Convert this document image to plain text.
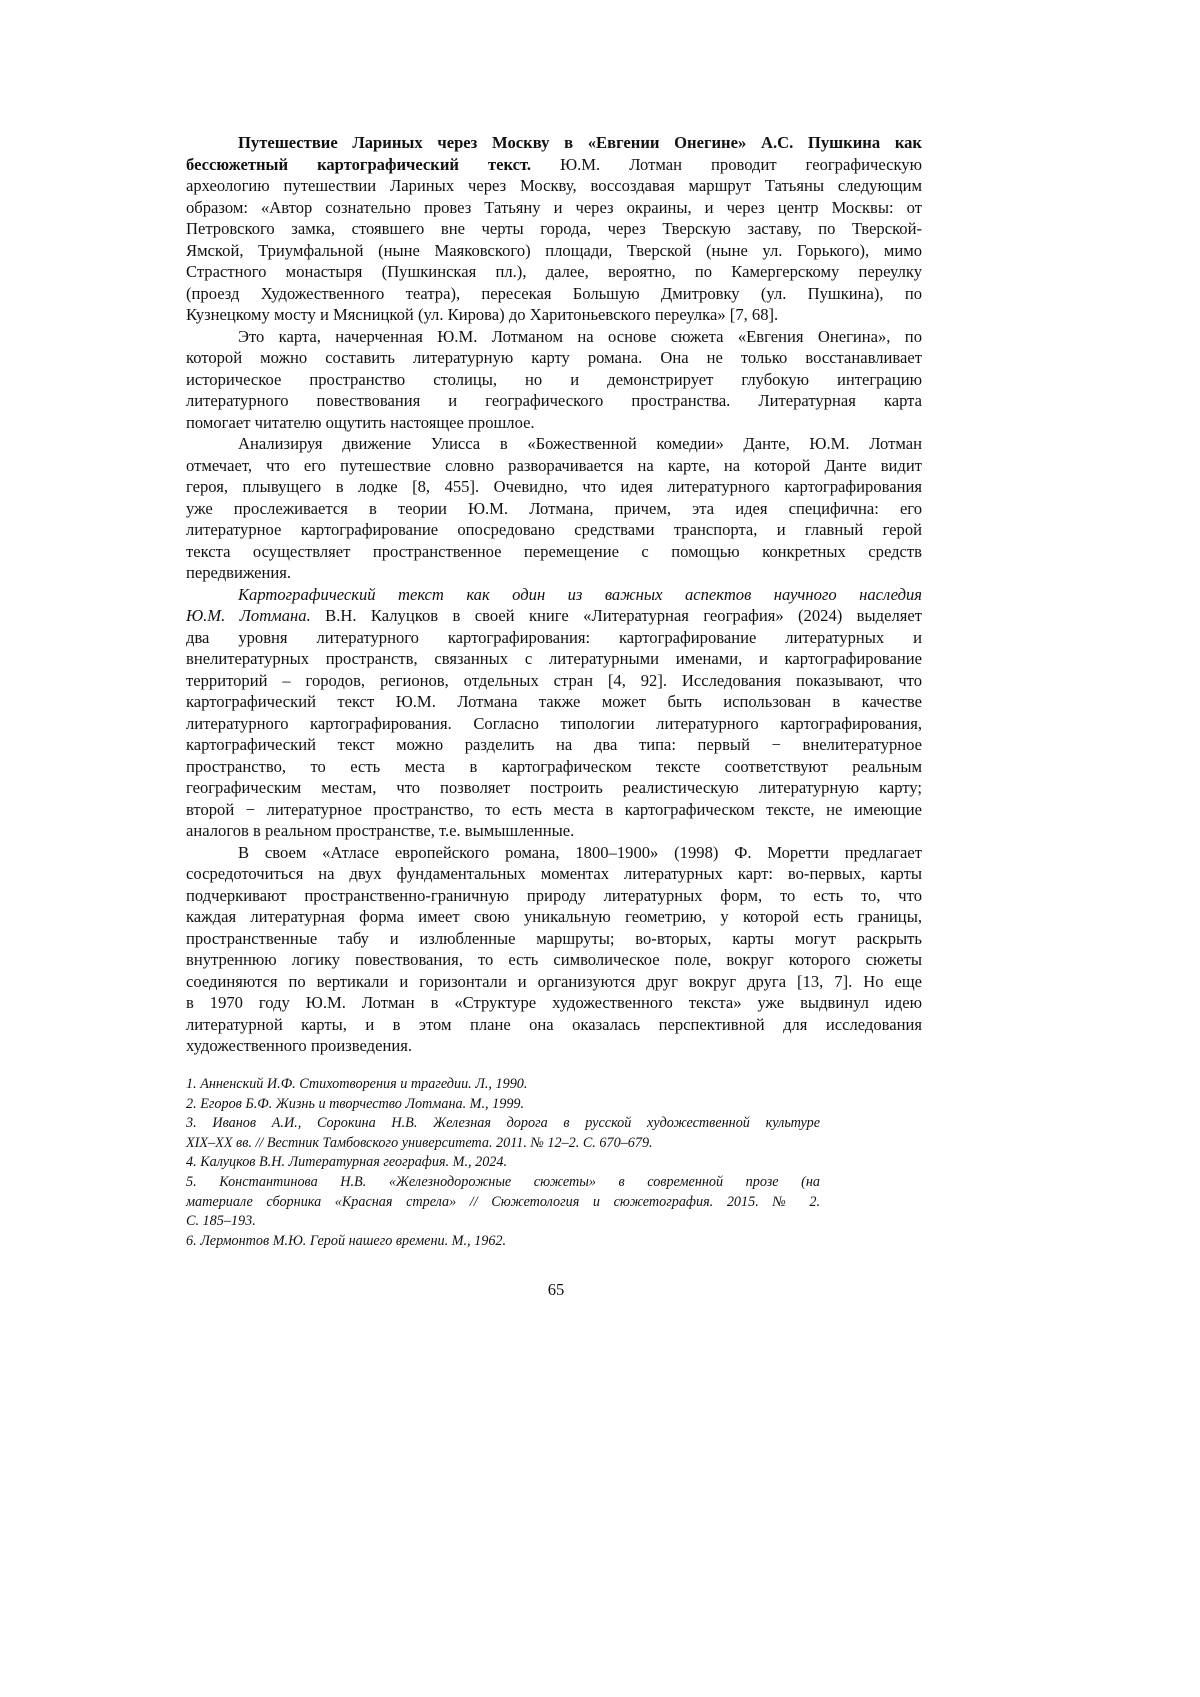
Путешествие Лариных через Москву в «Евгении Онегине» А.С. Пушкина как
бессюжетный картографический текст. Ю.М. Лотман проводит географическую
археологию путешествии Лариных через Москву, воссоздавая маршрут Татьяны следующим
образом: «Автор сознательно провез Татьяну и через окраины, и через центр Москвы: от
Петровского замка, стоявшего вне черты города, через Тверскую заставу, по Тверской-
Ямской, Триумфальной (ныне Маяковского) площади, Тверской (ныне ул. Горького), мимо
Страстного монастыря (Пушкинская пл.), далее, вероятно, по Камергерскому переулку
(проезд Художественного театра), пересекая Большую Дмитровку (ул. Пушкина), по
Кузнецкому мосту и Мясницкой (ул. Кирова) до Харитоньевского переулка» [7, 68].
Это карта, начерченная Ю.М. Лотманом на основе сюжета «Евгения Онегина», по
которой можно составить литературную карту романа. Она не только восстанавливает
историческое пространство столицы, но и демонстрирует глубокую интеграцию
литературного повествования и географического пространства. Литературная карта
помогает читателю ощутить настоящее прошлое.
Анализируя движение Улисса в «Божественной комедии» Данте, Ю.М. Лотман
отмечает, что его путешествие словно разворачивается на карте, на которой Данте видит
героя, плывущего в лодке [8, 455]. Очевидно, что идея литературного картографирования
уже прослеживается в теории Ю.М. Лотмана, причем, эта идея специфична: его
литературное картографирование опосредовано средствами транспорта, и главный герой
текста осуществляет пространственное перемещение с помощью конкретных средств
передвижения.
Картографический текст как один из важных аспектов научного наследия
Ю.М. Лотмана. В.Н. Калуцков в своей книге «Литературная география» (2024) выделяет
два уровня литературного картографирования: картографирование литературных и
внелитературных пространств, связанных с литературными именами, и картографирование
территорий – городов, регионов, отдельных стран [4, 92]. Исследования показывают, что
картографический текст Ю.М. Лотмана также может быть использован в качестве
литературного картографирования. Согласно типологии литературного картографирования,
картографический текст можно разделить на два типа: первый − внелитературное
пространство, то есть места в картографическом тексте соответствуют реальным
географическим местам, что позволяет построить реалистическую литературную карту;
второй − литературное пространство, то есть места в картографическом тексте, не имеющие
аналогов в реальном пространстве, т.е. вымышленные.
В своем «Атласе европейского романа, 1800–1900» (1998) Ф. Моретти предлагает
сосредоточиться на двух фундаментальных моментах литературных карт: во-первых, карты
подчеркивают пространственно-граничную природу литературных форм, то есть то, что
каждая литературная форма имеет свою уникальную геометрию, у которой есть границы,
пространственные табу и излюбленные маршруты; во-вторых, карты могут раскрыть
внутреннюю логику повествования, то есть символическое поле, вокруг которого сюжеты
соединяются по вертикали и горизонтали и организуются друг вокруг друга [13, 7]. Но еще
в 1970 году Ю.М. Лотман в «Структуре художественного текста» уже выдвинул идею
литературной карты, и в этом плане она оказалась перспективной для исследования
художественного произведения.
1. Анненский И.Ф. Стихотворения и трагедии. Л., 1990.
2. Егоров Б.Ф. Жизнь и творчество Лотмана. М., 1999.
3. Иванов А.И., Сорокина Н.В. Железная дорога в русской художественной культуре
XIX–XX вв. // Вестник Тамбовского университета. 2011. № 12–2. С. 670–679.
4. Калуцков В.Н. Литературная география. М., 2024.
5. Константинова Н.В. «Железнодорожные сюжеты» в современной прозе (на
материале сборника «Красная стрела» // Сюжетология и сюжетография. 2015. № 2.
С. 185–193.
6. Лермонтов М.Ю. Герой нашего времени. М., 1962.
65
